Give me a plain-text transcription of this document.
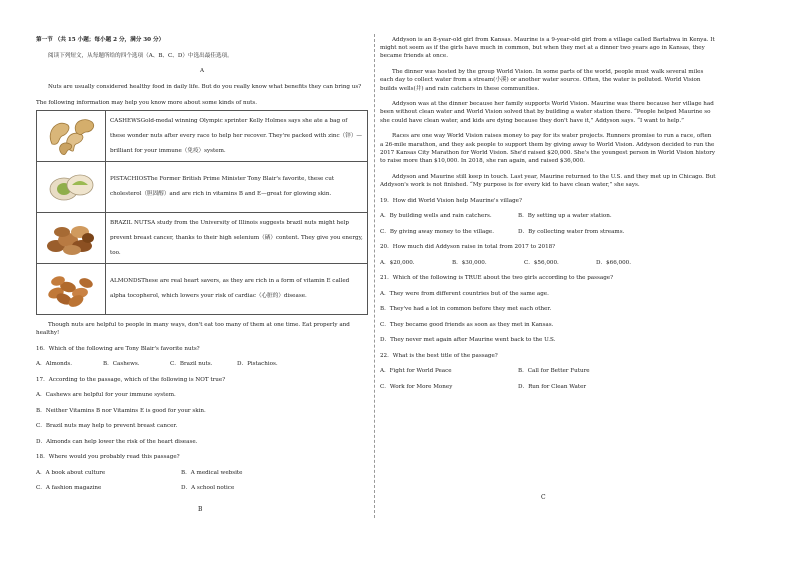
第一节 （共 15 小题；每小题 2 分，满分 30 分）
阅读下列短文，从每题所给的四个选项（A、B、C、D）中选出最佳选项。
A
Nuts are usually considered healthy food in daily life. But do you really know what benefits they can bring us?
The following information may help you know more about some kinds of nuts.
	CASHEWSGold-medal winning Olympic sprinter Kelly Holmes says she ate a bag of these wonder nuts after every race to help her recover. They're packed with zinc（锌）—brilliant for your immune（免疫）system.

	PISTACHIOSThe Former British Prime Minister Tony Blair's favorite, these cut cholesterol（胆固醇）and are rich in vitamins B and E—great for glowing skin.

	BRAZIL NUTSA study from the University of Illinois suggests brazil nuts might help prevent breast cancer, thanks to their high selenium（硒）content. They give you energy, too.

	ALMONDSThese are real heart savers, as they are rich in a form of vitamin E called alpha tocopherol, which lowers your risk of cardiac（心脏的）disease.
Though nuts are helpful to people in many ways, don't eat too many of them at one time. Eat properly and healthy!
16．Which of the following are Tony Blair's favorite nuts?
A．Almonds.	B．Cashews.	C．Brazil nuts.	D．Pistachios.
17．According to the passage, which of the following is NOT true?
A．Cashews are helpful for your immune system.
B．Neither Vitamins B nor Vitamins E is good for your skin.
C．Brazil nuts may help to prevent breast cancer.
D．Almonds can help lower the risk of the heart disease.
18．Where would you probably read this passage?
A．A book about culture	B．A medical website
C．A fashion magazine	D．A school notice
B
Addyson is an 8-year-old girl from Kansas. Maurine is a 9-year-old girl from a village called Bartabwa in Kenya. It might not seem as if the girls have much in common, but when they met at a dinner two years ago in Kansas, they became friends at once.
The dinner was hosted by the group World Vision. In some parts of the world, people must walk several miles each day to collect water from a stream(小溪) or another water source. Often, the water is polluted. World Vision builds wells(井) and rain catchers in these communities.
Addyson was at the dinner because her family supports World Vision. Maurine was there because her village had been without clean water and World Vision solved that by building a water station there. “People helped Maurine so she could have clean water, and kids are dying because they don't have it,” Addyson says. “I want to help.”
Races are one way World Vision raises money to pay for its water projects. Runners promise to run a race, often a 26-mile marathon, and they ask people to support them by giving away to World Vision. Addyson decided to run the 2017 Kansas City Marathon for World Vision. She'd raised $20,000. She's the youngest person in World Vision history to raise more than $10,000. In 2018, she ran again, and raised $36,000.
Addyson and Maurine still keep in touch. Last year, Maurine returned to the U.S. and they met up in Chicago. But Addyson's work is not finished. “My purpose is for every kid to have clean water,” she says.
19．How did World Vision help Maurine's village?
A．By building wells and rain catchers.	B．By setting up a water station.
C．By giving away money to the village.	D．By collecting water from streams.
20．How much did Addyson raise in total from 2017 to 2018?
A．$20,000.	B．$30,000.	C．$56,000.	D．$66,000.
21．Which of the following is TRUE about the two girls according to the passage?
A．They were from different countries but of the same age.
B．They've had a lot in common before they met each other.
C．They became good friends as soon as they met in Kansas.
D．They never met again after Maurine went back to the U.S.
22．What is the best title of the passage?
A．Fight for World Peace	B．Call for Better Future
C．Work for More Money	D．Run for Clean Water
C
